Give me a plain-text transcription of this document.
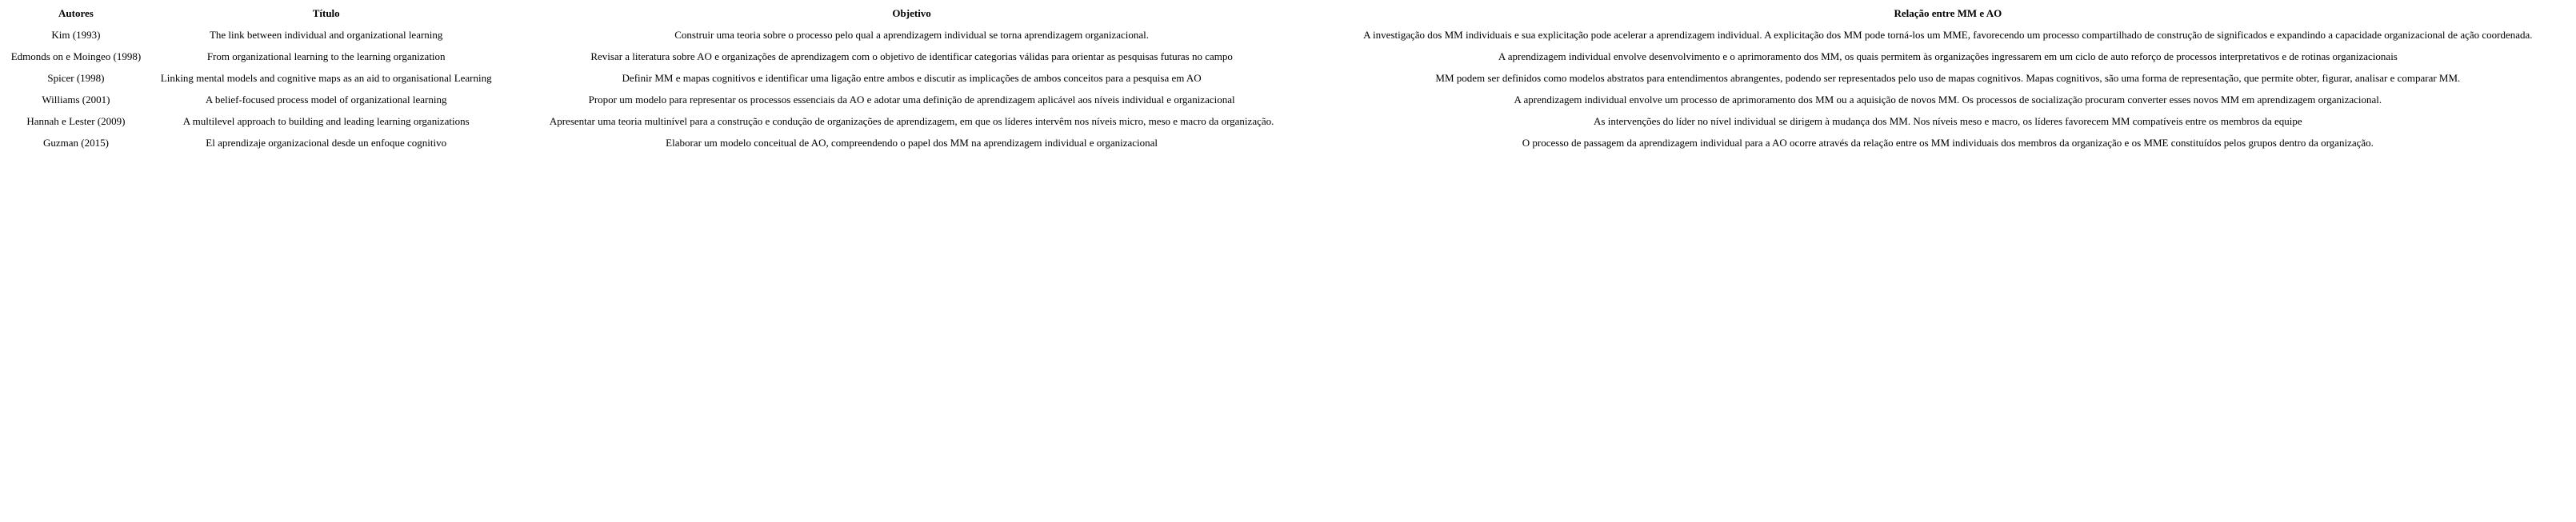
Autores	Título	Objetivo	Relação entre MM e AO
Kim (1993)	The link between individual and organizational learning	Construir uma teoria sobre o processo pelo qual a aprendizagem individual se torna aprendizagem organizacional.	A investigação dos MM individuais e sua explicitação pode acelerar a aprendizagem individual. A explicitação dos MM pode torná-los um MME, favorecendo um processo compartilhado de construção de significados e expandindo a capacidade organizacional de ação coordenada.
Edmonds on e Moingeo (1998)	From organizational learning to the learning organization	Revisar a literatura sobre AO e organizações de aprendizagem com o objetivo de identificar categorias válidas para orientar as pesquisas futuras no campo	A aprendizagem individual envolve desenvolvimento e o aprimoramento dos MM, os quais permitem às organizações ingressarem em um ciclo de auto reforço de processos interpretativos e de rotinas organizacionais
Spicer (1998)	Linking mental models and cognitive maps as an aid to organisational Learning	Definir MM e mapas cognitivos e identificar uma ligação entre ambos e discutir as implicações de ambos conceitos para a pesquisa em AO	MM podem ser definidos como modelos abstratos para entendimentos abrangentes, podendo ser representados pelo uso de mapas cognitivos. Mapas cognitivos, são uma forma de representação, que permite obter, figurar, analisar e comparar MM.
Williams (2001)	A belief-focused process model of organizational learning	Propor um modelo para representar os processos essenciais da AO e adotar uma definição de aprendizagem aplicável aos níveis individual e organizacional	A aprendizagem individual envolve um processo de aprimoramento dos MM ou a aquisição de novos MM. Os processos de socialização procuram converter esses novos MM em aprendizagem organizacional.
Hannah e Lester (2009)	A multilevel approach to building and leading learning organizations	Apresentar uma teoria multinível para a construção e condução de organizações de aprendizagem, em que os líderes intervêm nos níveis micro, meso e macro da organização.	As intervenções do líder no nível individual se dirigem à mudança dos MM. Nos níveis meso e macro, os líderes favorecem MM compatíveis entre os membros da equipe
Guzman (2015)	El aprendizaje organizacional desde un enfoque cognitivo	Elaborar um modelo conceitual de AO, compreendendo o papel dos MM na aprendizagem individual e organizacional	O processo de passagem da aprendizagem individual para a AO ocorre através da relação entre os MM individuais dos membros da organização e os MME constituídos pelos grupos dentro da organização.
